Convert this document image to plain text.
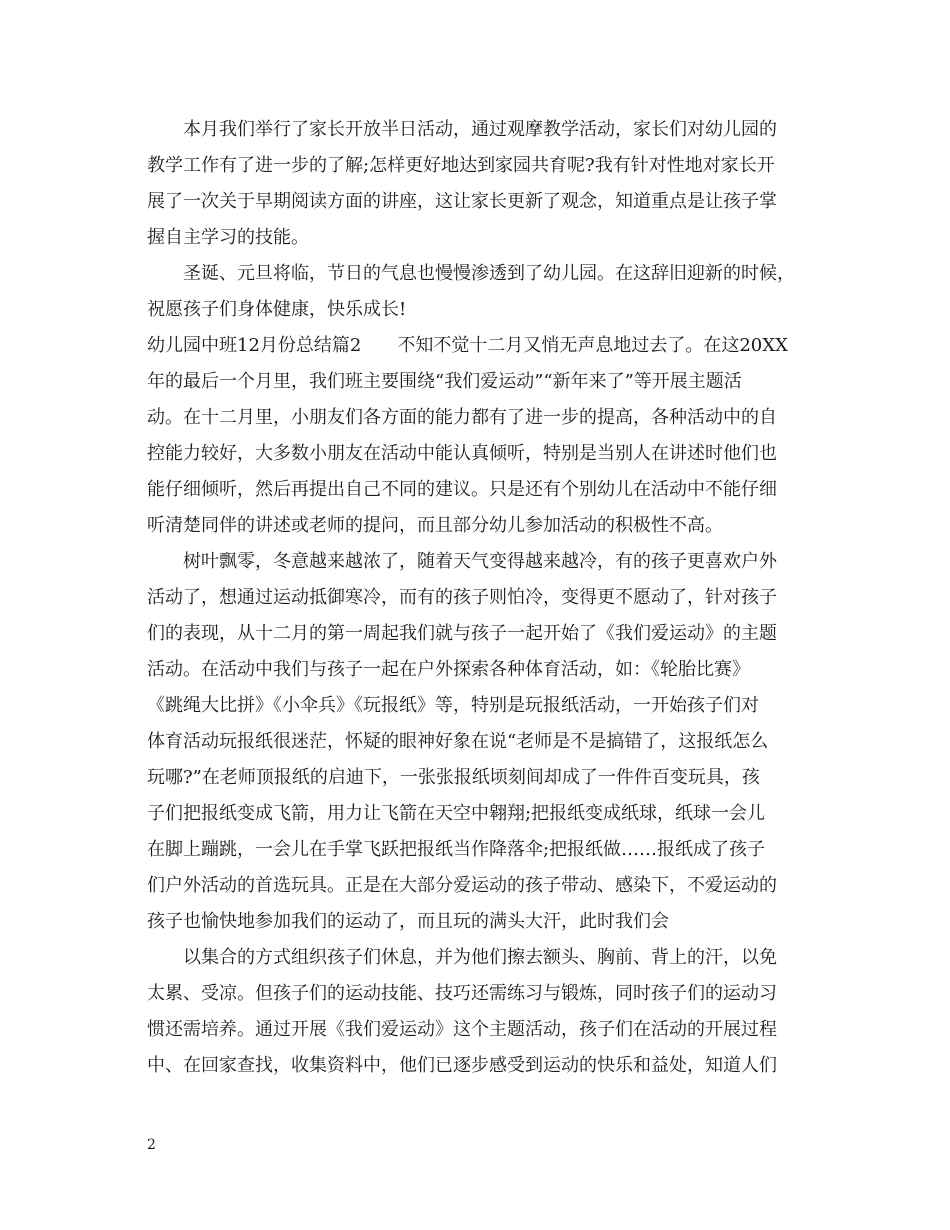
本月我们举行了家长开放半日活动，通过观摩教学活动，家长们对幼儿园的
教学工作有了进一步的了解;怎样更好地达到家园共育呢?我有针对性地对家长开
展了一次关于早期阅读方面的讲座，这让家长更新了观念，知道重点是让孩子掌
握自主学习的技能。
圣诞、元旦将临，节日的气息也慢慢渗透到了幼儿园。在这辞旧迎新的时候，
祝愿孩子们身体健康，快乐成长!
幼儿园中班12月份总结篇2　　不知不觉十二月又悄无声息地过去了。在这20XX
年的最后一个月里，我们班主要围绕“我们爱运动”“新年来了”等开展主题活
动。在十二月里，小朋友们各方面的能力都有了进一步的提高，各种活动中的自
控能力较好，大多数小朋友在活动中能认真倾听，特别是当别人在讲述时他们也
能仔细倾听，然后再提出自己不同的建议。只是还有个别幼儿在活动中不能仔细
听清楚同伴的讲述或老师的提问，而且部分幼儿参加活动的积极性不高。
树叶飘零，冬意越来越浓了，随着天气变得越来越冷，有的孩子更喜欢户外
活动了，想通过运动抵御寒冷，而有的孩子则怕冷，变得更不愿动了，针对孩子
们的表现，从十二月的第一周起我们就与孩子一起开始了《我们爱运动》的主题
活动。在活动中我们与孩子一起在户外探索各种体育活动，如：《轮胎比赛》
《跳绳大比拼》《小伞兵》《玩报纸》等，特别是玩报纸活动，一开始孩子们对
体育活动玩报纸很迷茫，怀疑的眼神好象在说“老师是不是搞错了，这报纸怎么
玩哪?”在老师顶报纸的启迪下，一张张报纸顷刻间却成了一件件百变玩具，孩
子们把报纸变成飞箭，用力让飞箭在天空中翱翔;把报纸变成纸球，纸球一会儿
在脚上蹦跳，一会儿在手掌飞跃把报纸当作降落伞;把报纸做……报纸成了孩子
们户外活动的首选玩具。正是在大部分爱运动的孩子带动、感染下，不爱运动的
孩子也愉快地参加我们的运动了，而且玩的满头大汗，此时我们会
以集合的方式组织孩子们休息，并为他们擦去额头、胸前、背上的汗，以免
太累、受凉。但孩子们的运动技能、技巧还需练习与锻炼，同时孩子们的运动习
惯还需培养。通过开展《我们爱运动》这个主题活动，孩子们在活动的开展过程
中、在回家查找，收集资料中，他们已逐步感受到运动的快乐和益处，知道人们
2
